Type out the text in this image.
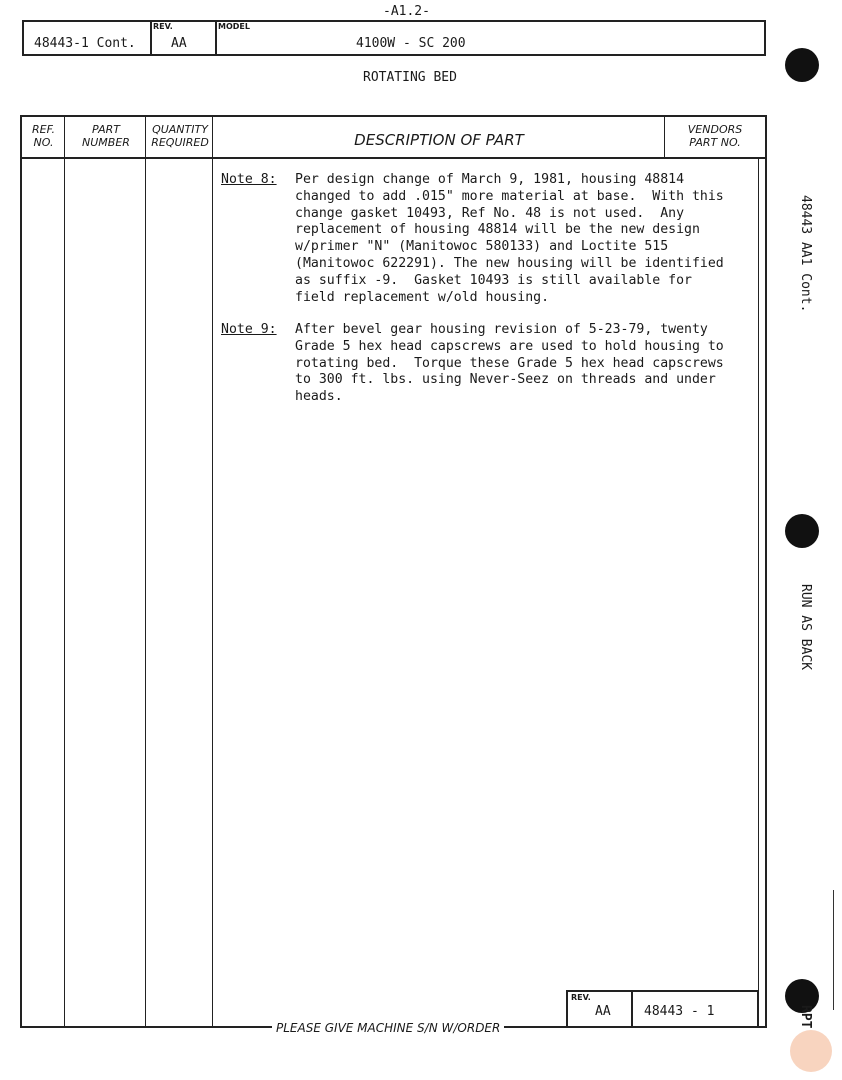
-A1.2-
48443-1 Cont.
REV.
AA
MODEL
4100W - SC 200
ROTATING BED
REF.
NO.
PART
NUMBER
QUANTITY
REQUIRED	DESCRIPTION OF PART
VENDORS
PART NO.

Note 8:

Per design change of March 9, 1981, housing 48814
changed to add .015" more material at base.  With this
change gasket 10493, Ref No. 48 is not used.  Any
replacement of housing 48814 will be the new design
w/primer "N" (Manitowoc 580133) and Loctite 515
(Manitowoc 622291). The new housing will be identified
as suffix -9.  Gasket 10493 is still available for
field replacement w/old housing.

Note 9:

After bevel gear housing revision of 5-23-79, twenty
Grade 5 hex head capscrews are used to hold housing to
rotating bed.  Torque these Grade 5 hex head capscrews
to 300 ft. lbs. using Never-Seez on threads and under
heads.

REV.
AA	48443 - 1
PLEASE GIVE MACHINE S/N W/ORDER
48443 AA1 Cont.
RUN AS BACK
RPT
